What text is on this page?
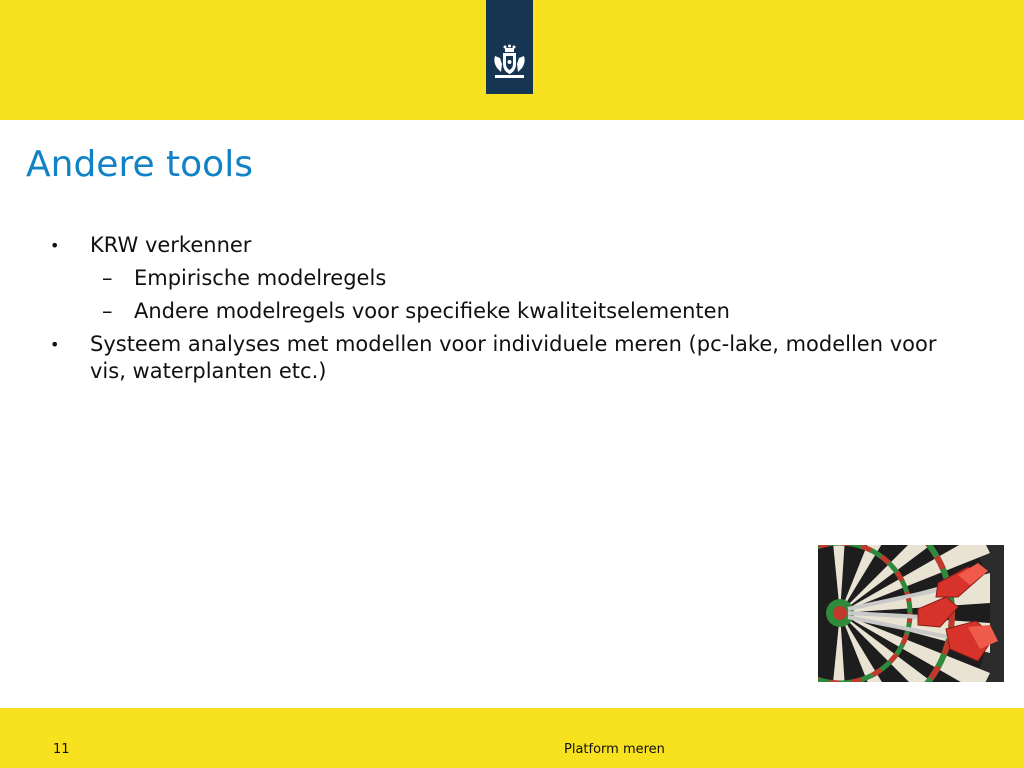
Andere tools
• KRW verkenner
– Empirische modelregels
– Andere modelregels voor specifieke kwaliteitselementen
• Systeem analyses met modellen voor individuele meren (pc-lake, modellen voor vis, waterplanten etc.)
11	Platform meren
